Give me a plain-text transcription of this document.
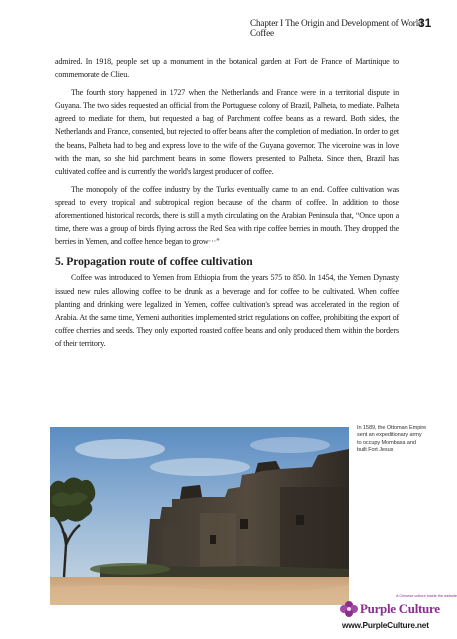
Chapter I The Origin and Development of World Coffee
31

admired. In 1918, people set up a monument in the botanical garden at Fort de France of Martinique to commemorate de Clieu.

The fourth story happened in 1727 when the Netherlands and France were in a territorial dispute in Guyana. The two sides requested an official from the Portuguese colony of Brazil, Palheta, to mediate. Palheta agreed to mediate for them, but requested a bag of Parchment coffee beans as a reward. Both sides, the Netherlands and France, consented, but rejected to offer beans after the completion of mediation. In order to get the beans, Palheta had to beg and express love to the wife of the Guyana governor. The viceroine was in love with the man, so she hid parchment beans in some flowers presented to Palheta. Since then, Brazil has cultivated coffee and is currently the world's largest producer of coffee.

The monopoly of the coffee industry by the Turks eventually came to an end. Coffee cultivation was spread to every tropical and subtropical region because of the charm of coffee. In addition to those aforementioned historical records, there is still a myth circulating on the Arabian Peninsula that, “Once upon a time, there was a group of birds flying across the Red Sea with ripe coffee berries in mouth. They dropped the berries in Yemen, and coffee hence began to grow···”

5. Propagation route of coffee cultivation

Coffee was introduced to Yemen from Ethiopia from the years 575 to 850. In 1454, the Yemen Dynasty issued new rules allowing coffee to be drunk as a beverage and for coffee to be cultivated. When coffee planting and drinking were legalized in Yemen, coffee cultivation's spread was accelerated in the region of Arabia. At the same time, Yemeni authorities implemented strict regulations on coffee, prohibiting the export of coffee cherries and seeds. They only exported roasted coffee beans and only produced them within the borders of their territory.

In 1589, the Ottoman Empire sent an expeditionary army to occupy Mombasa and built Fort Jesus
A Chinese culture inside the website
Purple Culture
www.PurpleCulture.net
